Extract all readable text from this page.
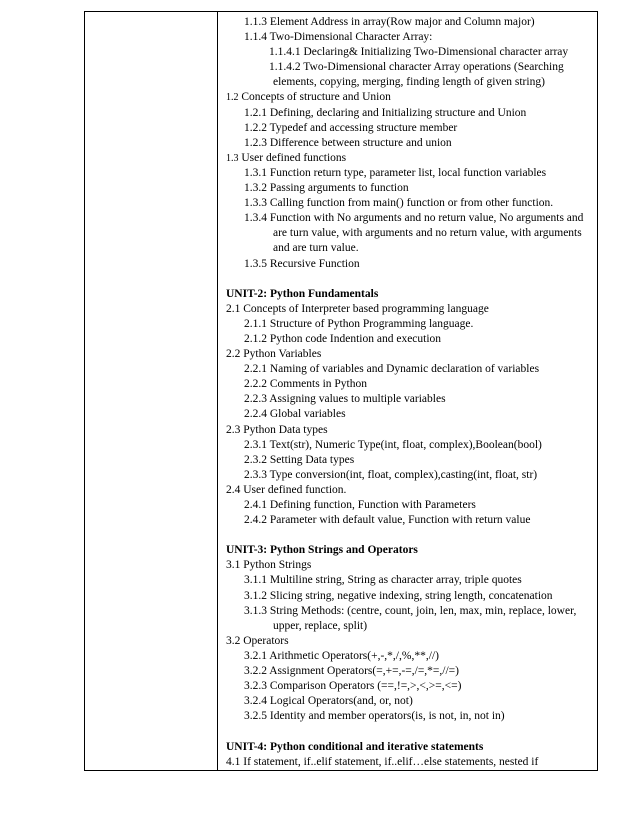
1.1.3 Element Address in array(Row major and Column major)
1.1.4 Two-Dimensional Character Array:
1.1.4.1 Declaring& Initializing Two-Dimensional character array
1.1.4.2 Two-Dimensional character Array operations (Searching
elements, copying, merging, finding length of given string)
1.2 Concepts of structure and Union
1.2.1 Defining, declaring and Initializing structure and Union
1.2.2 Typedef and accessing structure member
1.2.3 Difference between structure and union
1.3 User defined functions
1.3.1 Function return type, parameter list, local function variables
1.3.2 Passing arguments to function
1.3.3 Calling function from main() function or from other function.
1.3.4 Function with No arguments and no return value, No arguments and
are turn value, with arguments and no return value, with arguments
and are turn value.
1.3.5 Recursive Function
UNIT-2: Python Fundamentals
2.1 Concepts of Interpreter based programming language
2.1.1 Structure of Python Programming language.
2.1.2 Python code Indention and execution
2.2 Python Variables
2.2.1 Naming of variables and Dynamic declaration of variables
2.2.2 Comments in Python
2.2.3 Assigning values to multiple variables
2.2.4 Global variables
2.3 Python Data types
2.3.1 Text(str), Numeric Type(int, float, complex),Boolean(bool)
2.3.2 Setting Data types
2.3.3 Type conversion(int, float, complex),casting(int, float, str)
2.4 User defined function.
2.4.1 Defining function, Function with Parameters
2.4.2 Parameter with default value, Function with return value
UNIT-3: Python Strings and Operators
3.1 Python Strings
3.1.1 Multiline string, String as character array, triple quotes
3.1.2 Slicing string, negative indexing, string length, concatenation
3.1.3 String Methods: (centre, count, join, len, max, min, replace, lower,
upper, replace, split)
3.2 Operators
3.2.1 Arithmetic Operators(+,-,*,/,%,**,//)
3.2.2 Assignment Operators(=,+=,-=,/=,*=,//=)
3.2.3 Comparison Operators (==,!=,>,<,>=,<=)
3.2.4 Logical Operators(and, or, not)
3.2.5 Identity and member operators(is, is not, in, not in)
UNIT-4: Python conditional and iterative statements
4.1 If statement, if..elif statement, if..elif…else statements, nested if
